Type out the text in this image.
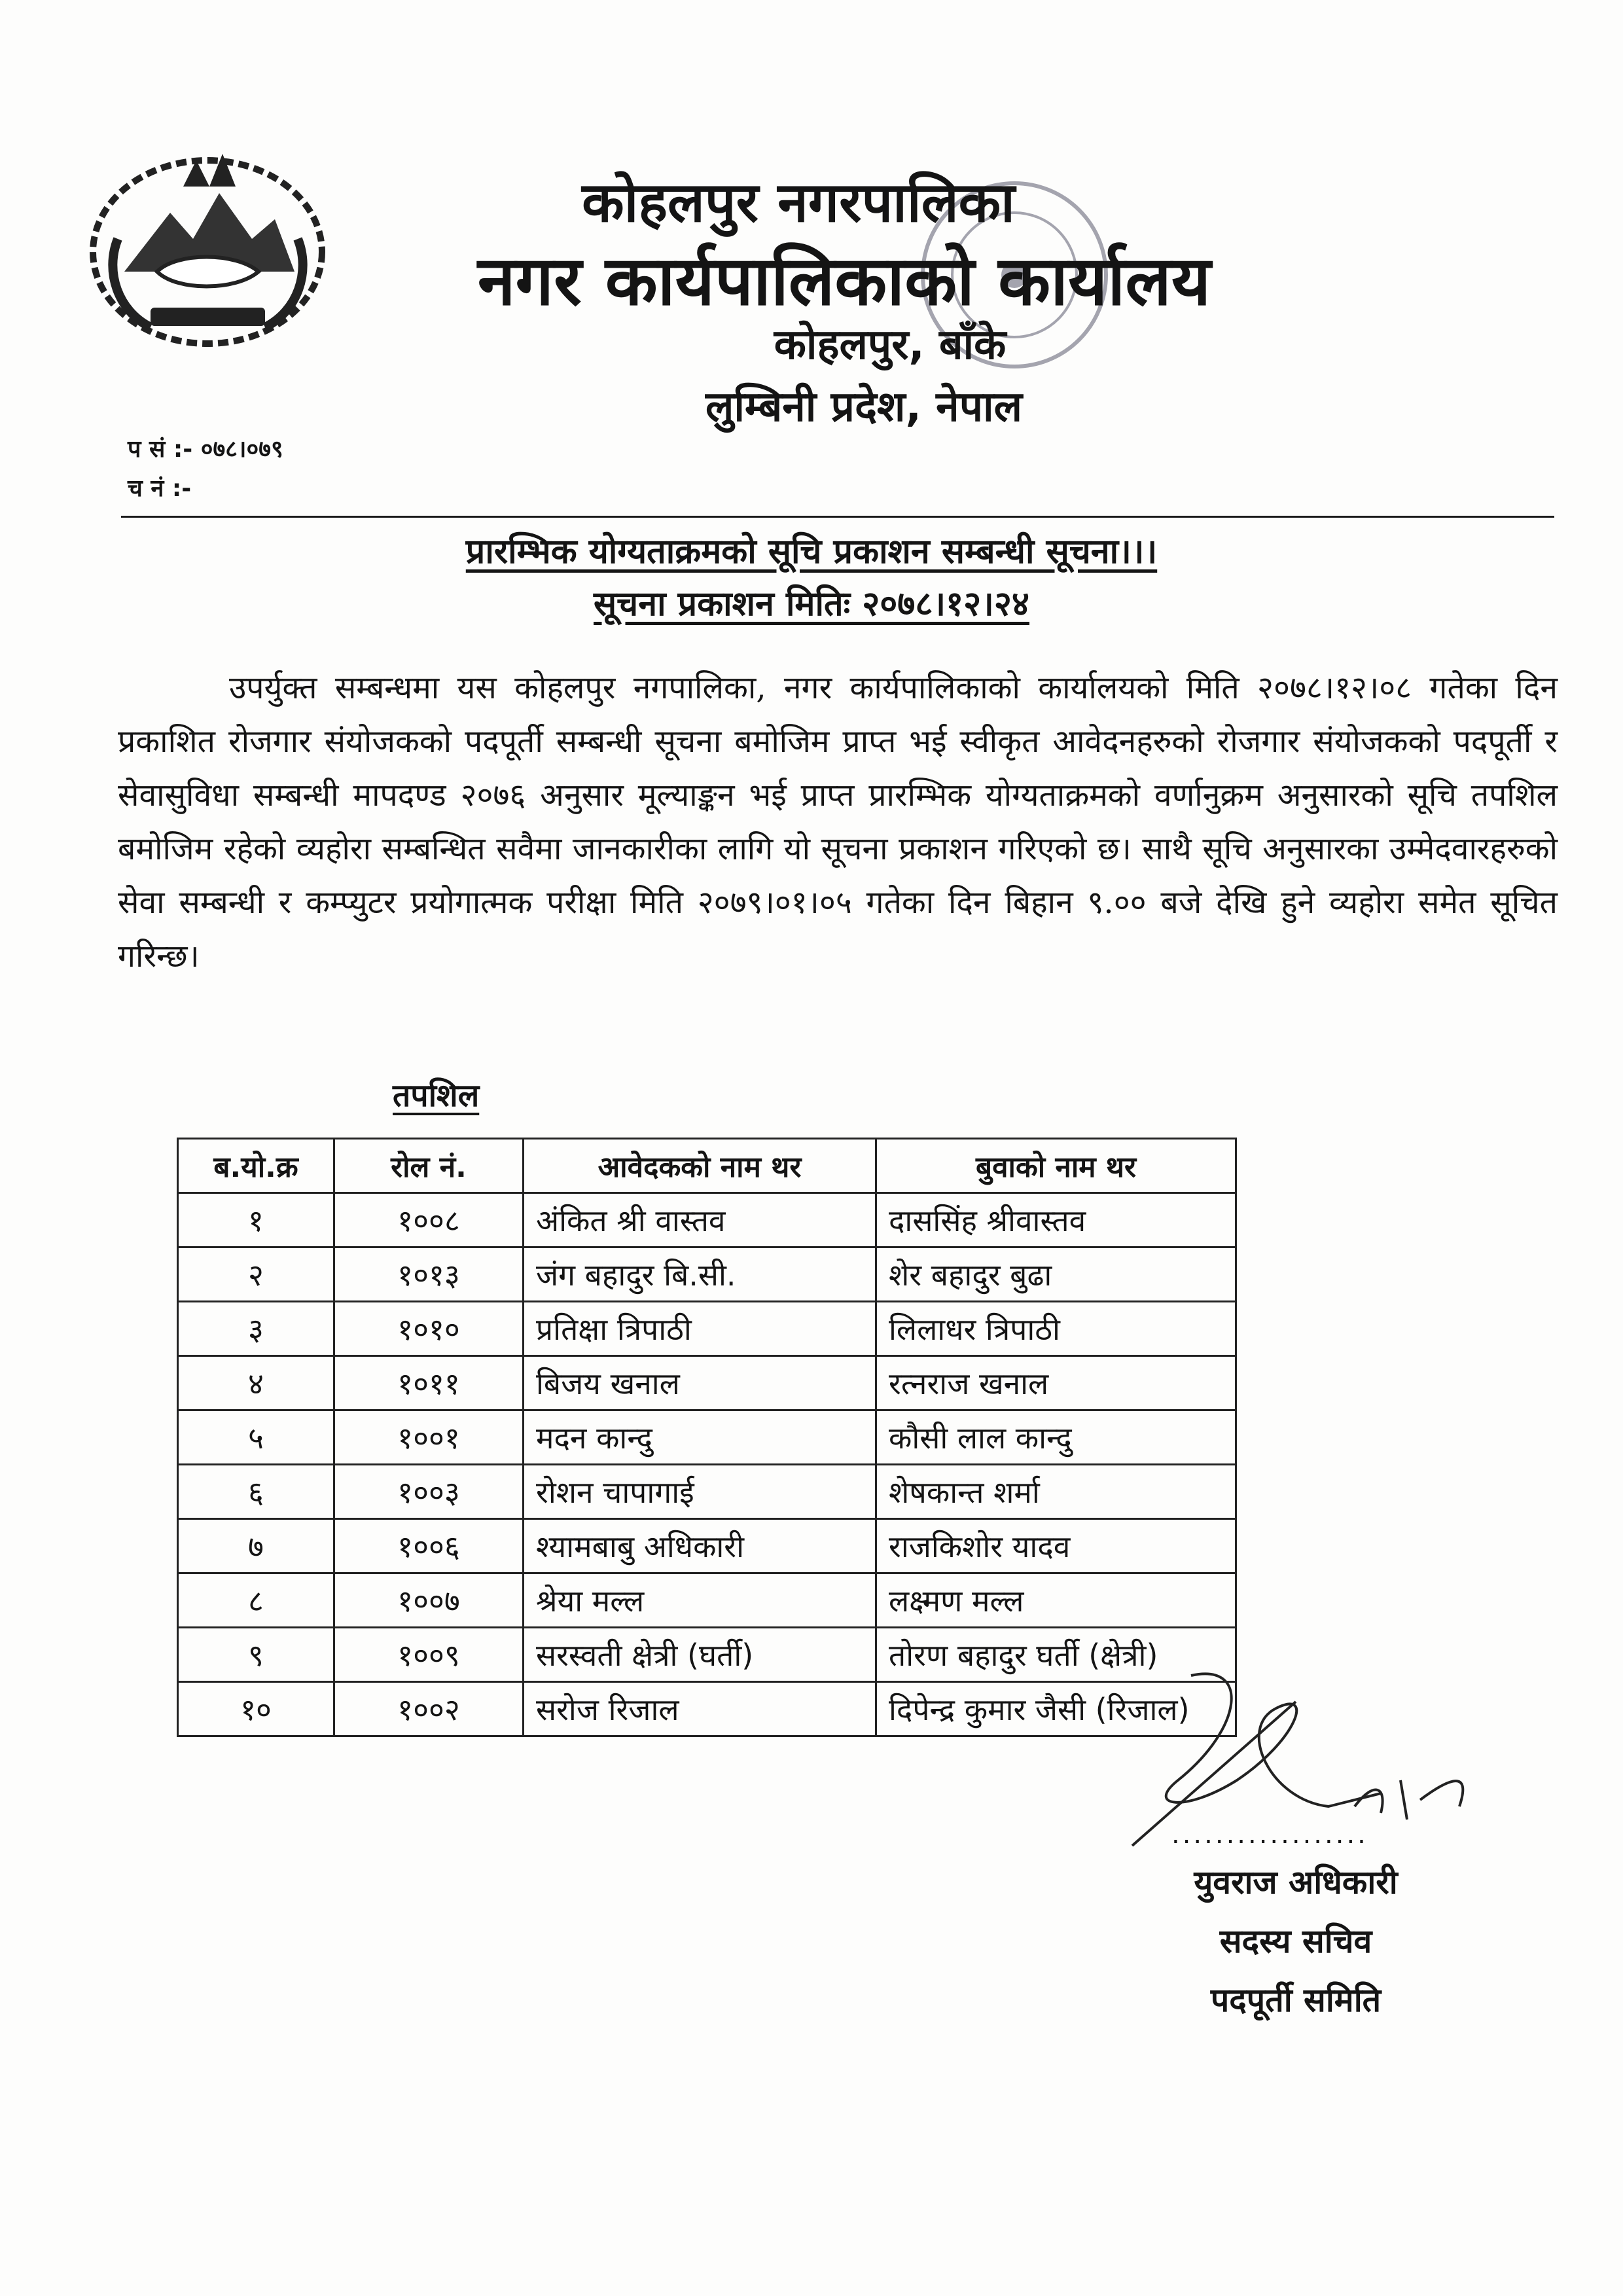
कोहलपुर नगरपालिका
नगर कार्यपालिकाको कार्यालय
कोहलपुर, बाँके
लुम्बिनी प्रदेश, नेपाल
प सं :- ०७८।०७९
च नं :-
प्रारम्भिक योग्यताक्रमको सूचि प्रकाशन सम्बन्धी सूचना।।।
सूचना प्रकाशन मितिः २०७८।१२।२४
उपर्युक्त सम्बन्धमा यस कोहलपुर नगपालिका, नगर कार्यपालिकाको कार्यालयको मिति २०७८।१२।०८ गतेका दिन प्रकाशित रोजगार संयोजकको पदपूर्ती सम्बन्धी सूचना बमोजिम प्राप्त भई स्वीकृत आवेदनहरुको रोजगार संयोजकको पदपूर्ती र सेवासुविधा सम्बन्धी मापदण्ड २०७६ अनुसार मूल्याङ्कन भई प्राप्त प्रारम्भिक योग्यताक्रमको वर्णानुक्रम अनुसारको सूचि तपशिल बमोजिम रहेको व्यहोरा सम्बन्धित सवैमा जानकारीका लागि यो सूचना प्रकाशन गरिएको छ। साथै सूचि अनुसारका उम्मेदवारहरुको सेवा सम्बन्धी र कम्प्युटर प्रयोगात्मक परीक्षा मिति २०७९।०१।०५ गतेका दिन बिहान ९.०० बजे देखि हुने व्यहोरा समेत सूचित गरिन्छ।
तपशिल
ब.यो.क्र	रोल नं.	आवेदकको नाम थर	बुवाको नाम थर
१	१००८	अंकित श्री वास्तव	दाससिंह श्रीवास्तव
२	१०१३	जंग बहादुर बि.सी.	शेर बहादुर बुढा
३	१०१०	प्रतिक्षा त्रिपाठी	लिलाधर त्रिपाठी
४	१०११	बिजय खनाल	रत्नराज खनाल
५	१००१	मदन कान्दु	कौसी लाल कान्दु
६	१००३	रोशन चापागाई	शेषकान्त शर्मा
७	१००६	श्यामबाबु अधिकारी	राजकिशोर यादव
८	१००७	श्रेया मल्ल	लक्ष्मण मल्ल
९	१००९	सरस्वती क्षेत्री (घर्ती)	तोरण बहादुर घर्ती (क्षेत्री)
१०	१००२	सरोज रिजाल	दिपेन्द्र कुमार जैसी (रिजाल)
..................
युवराज अधिकारी
सदस्य सचिव
पदपूर्ती समिति
